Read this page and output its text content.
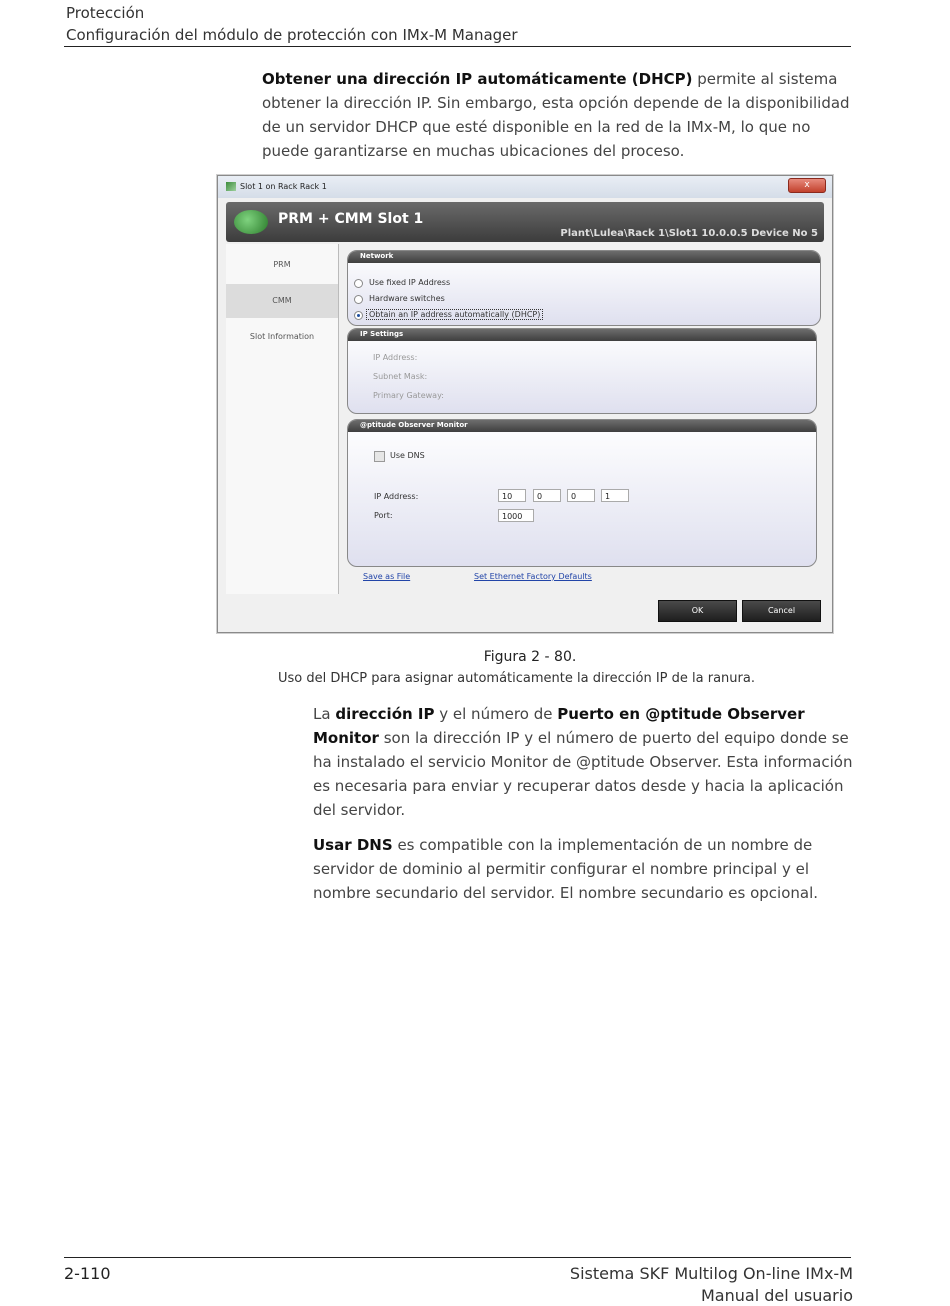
Protección
Configuración del módulo de protección con IMx-M Manager
Obtener una dirección IP automáticamente (DHCP) permite al sistema obtener la dirección IP. Sin embargo, esta opción depende de la disponibilidad de un servidor DHCP que esté disponible en la red de la IMx-M, lo que no puede garantizarse en muchas ubicaciones del proceso.
Slot 1 on Rack Rack 1	x
PRM + CMM Slot 1
Plant\Lulea\Rack 1\Slot1 10.0.0.5 Device No 5
PRM
CMM
Slot Information
Network
Use fixed IP Address
Hardware switches
Obtain an IP address automatically (DHCP)
IP Settings
IP Address:
Subnet Mask:
Primary Gateway:
@ptitude Observer Monitor
Use DNS
IP Address:	10	0	0	1
Port:	1000
Save as File	Set Ethernet Factory Defaults
OK	Cancel
Figura 2 - 80.
Uso del DHCP para asignar automáticamente la dirección IP de la ranura.
La dirección IP y el número de Puerto en @ptitude Observer Monitor son la dirección IP y el número de puerto del equipo donde se ha instalado el servicio Monitor de @ptitude Observer. Esta información es necesaria para enviar y recuperar datos desde y hacia la aplicación del servidor.
Usar DNS es compatible con la implementación de un nombre de servidor de dominio al permitir configurar el nombre principal y el nombre secundario del servidor. El nombre secundario es opcional.
2-110	Sistema SKF Multilog On-line IMx-M
Manual del usuario
